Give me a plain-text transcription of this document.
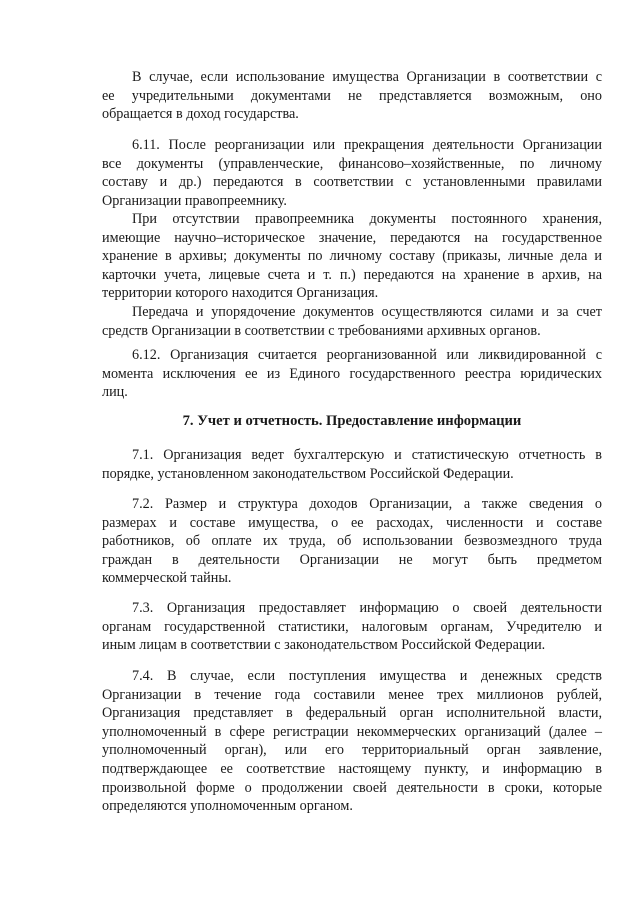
В случае, если использование имущества Организации в соответствии с
ее учредительными документами не представляется возможным, оно
обращается в доход государства.
6.11. После реорганизации или прекращения деятельности Организации
все документы (управленческие, финансово–хозяйственные, по личному
составу и др.) передаются в соответствии с установленными правилами
Организации правопреемнику.
При отсутствии правопреемника документы постоянного хранения,
имеющие научно–историческое значение, передаются на государственное
хранение в архивы; документы по личному составу (приказы, личные дела и
карточки учета, лицевые счета и т. п.) передаются на хранение в архив, на
территории которого находится Организация.
Передача и упорядочение документов осуществляются силами и за счет
средств Организации в соответствии с требованиями архивных органов.
6.12. Организация считается реорганизованной или ликвидированной с
момента исключения ее из Единого государственного реестра юридических
лиц.
7. Учет и отчетность. Предоставление информации
7.1. Организация ведет бухгалтерскую и статистическую отчетность в
порядке, установленном законодательством Российской Федерации.
7.2. Размер и структура доходов Организации, а также сведения о
размерах и составе имущества, о ее расходах, численности и составе
работников, об оплате их труда, об использовании безвозмездного труда
граждан в деятельности Организации не могут быть предметом
коммерческой тайны.
7.3. Организация предоставляет информацию о своей деятельности
органам государственной статистики, налоговым органам, Учредителю и
иным лицам в соответствии с законодательством Российской Федерации.
7.4. В случае, если поступления имущества и денежных средств
Организации в течение года составили менее трех миллионов рублей,
Организация представляет в федеральный орган исполнительной власти,
уполномоченный в сфере регистрации некоммерческих организаций (далее –
уполномоченный орган), или его территориальный орган заявление,
подтверждающее ее соответствие настоящему пункту, и информацию в
произвольной форме о продолжении своей деятельности в сроки, которые
определяются уполномоченным органом.
